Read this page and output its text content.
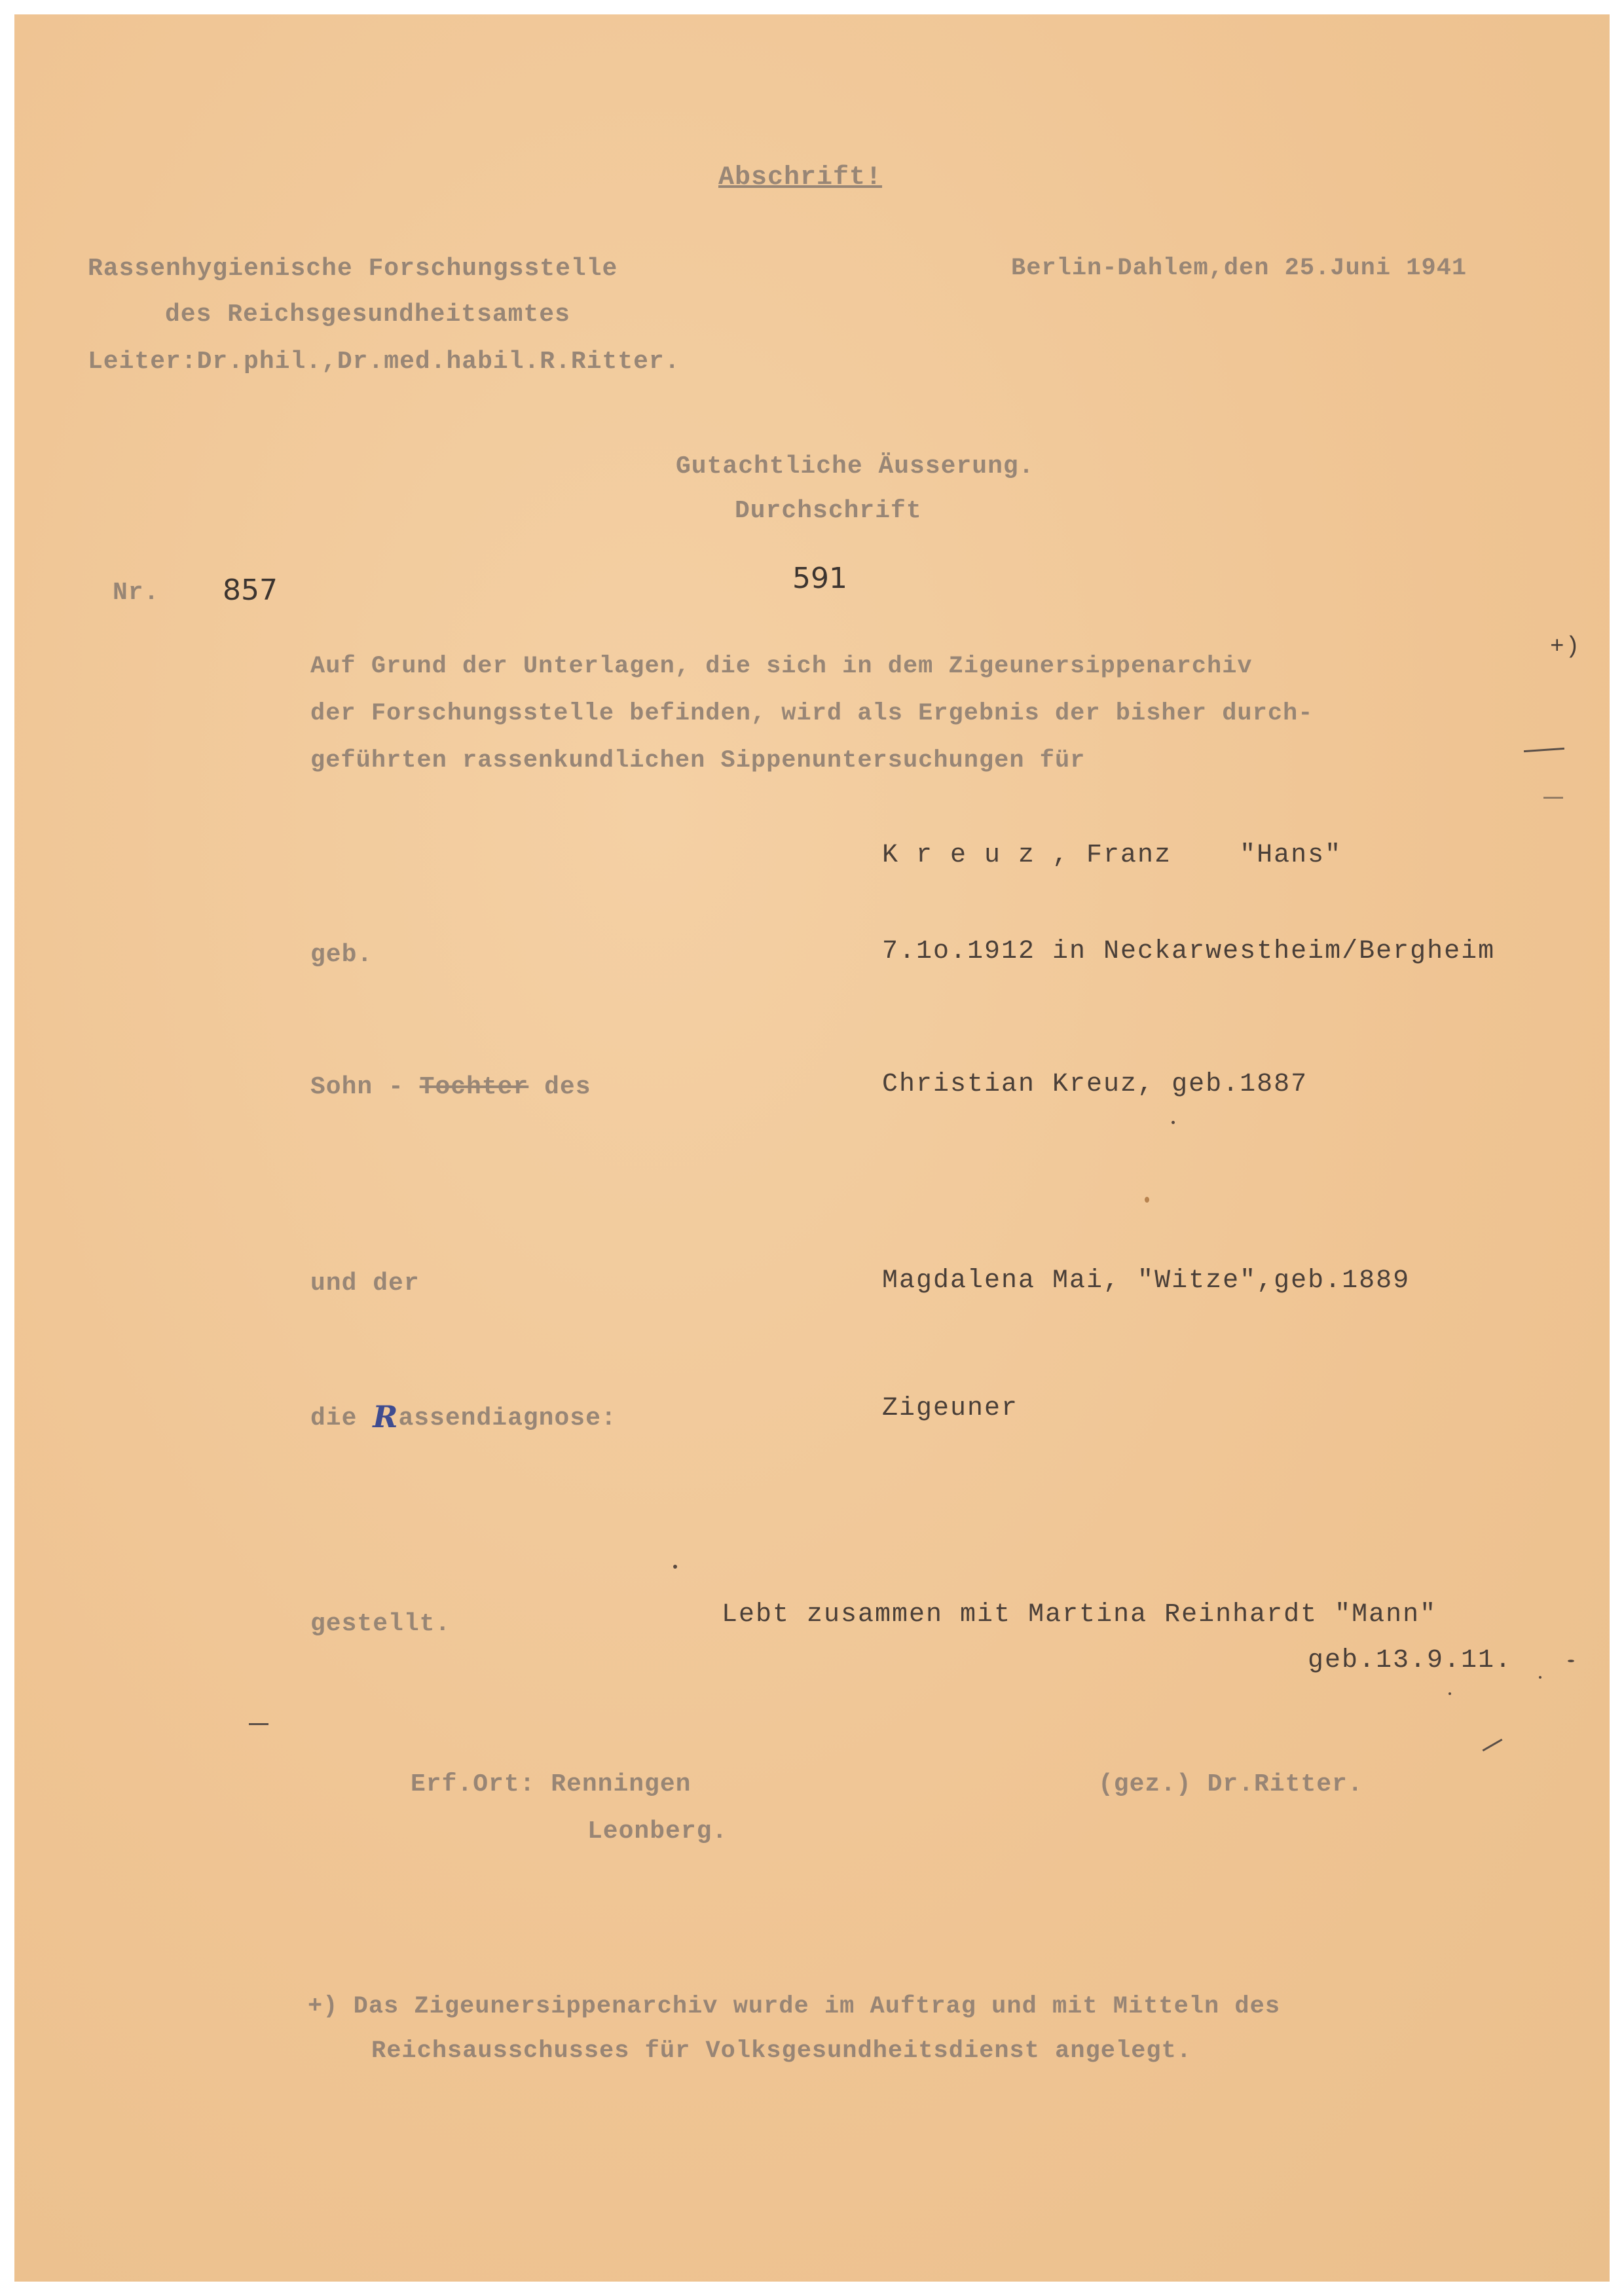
Abschrift!
Rassenhygienische Forschungsstelle
des Reichsgesundheitsamtes
Leiter:Dr.phil.,Dr.med.habil.R.Ritter.
Berlin-Dahlem,den 25.Juni 1941
Gutachtliche Äusserung.
Durchschrift
Nr. 857	591
Auf Grund der Unterlagen, die sich in dem Zigeunersippenarchiv
+)
der Forschungsstelle befinden, wird als Ergebnis der bisher durch-
geführten rassenkundlichen Sippenuntersuchungen für
K r e u z , Franz    "Hans"
geb.	7.1o.1912 in Neckarwestheim/Bergheim
Sohn - Tochter des	Christian Kreuz, geb.1887
und der	Magdalena Mai, "Witze",geb.1889
die Rassendiagnose:	Zigeuner
gestellt.	Lebt zusammen mit Martina Reinhardt "Mann"
geb.13.9.11.
Erf.Ort: Renningen
Leonberg.
(gez.) Dr.Ritter.
+) Das Zigeunersippenarchiv wurde im Auftrag und mit Mitteln des
Reichsausschusses für Volksgesundheitsdienst angelegt.
